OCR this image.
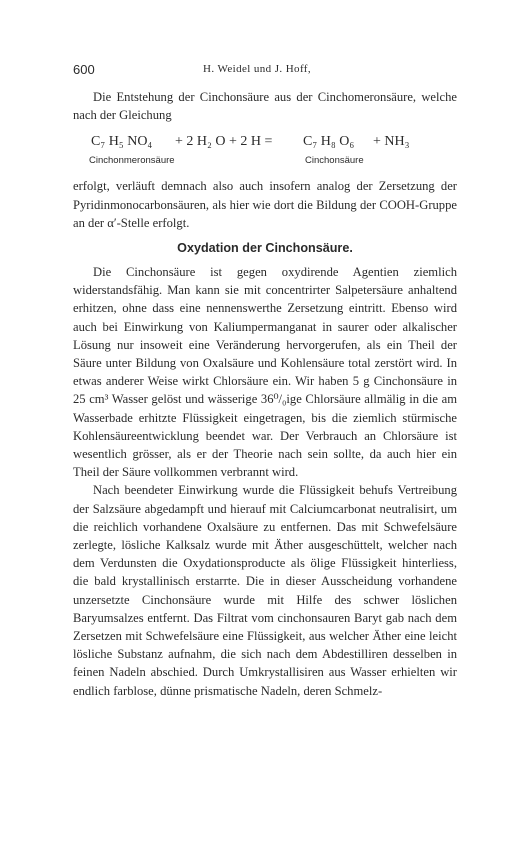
600	H. Weidel und J. Hoff,

Die Entstehung der Cinchonsäure aus der Cinchomeronsäure, welche nach der Gleichung

C₇ H₅ NO₄ + 2 H₂ O + 2 H = C₇ H₈ O₆ + NH₃
Cinchonmeronsäure	Cinchonsäure

erfolgt, verläuft demnach also auch insofern analog der Zersetzung der Pyridinmonocarbonsäuren, als hier wie dort die Bildung der COOH-Gruppe an der α′-Stelle erfolgt.

Oxydation der Cinchonsäure.

Die Cinchonsäure ist gegen oxydirende Agentien ziemlich widerstandsfähig. Man kann sie mit concentrirter Salpetersäure anhaltend erhitzen, ohne dass eine nennenswerthe Zersetzung eintritt. Ebenso wird auch bei Einwirkung von Kaliumpermanganat in saurer oder alkalischer Lösung nur insoweit eine Veränderung hervorgerufen, als ein Theil der Säure unter Bildung von Oxalsäure und Kohlensäure total zerstört wird. In etwas anderer Weise wirkt Chlorsäure ein. Wir haben 5 g Cinchonsäure in 25 cm³ Wasser gelöst und wässerige 36⁰/₀ige Chlorsäure allmälig in die am Wasserbade erhitzte Flüssigkeit eingetragen, bis die ziemlich stürmische Kohlensäureentwicklung beendet war. Der Verbrauch an Chlorsäure ist wesentlich grösser, als er der Theorie nach sein sollte, da auch hier ein Theil der Säure vollkommen verbrannt wird.

Nach beendeter Einwirkung wurde die Flüssigkeit behufs Vertreibung der Salzsäure abgedampft und hierauf mit Calciumcarbonat neutralisirt, um die reichlich vorhandene Oxalsäure zu entfernen. Das mit Schwefelsäure zerlegte, lösliche Kalksalz wurde mit Äther ausgeschüttelt, welcher nach dem Verdunsten die Oxydationsproducte als ölige Flüssigkeit hinterliess, die bald krystallinisch erstarrte. Die in dieser Ausscheidung vorhandene unzersetzte Cinchonsäure wurde mit Hilfe des schwer löslichen Baryumsalzes entfernt. Das Filtrat vom cinchonsauren Baryt gab nach dem Zersetzen mit Schwefelsäure eine Flüssigkeit, aus welcher Äther eine leicht lösliche Substanz aufnahm, die sich nach dem Abdestilliren desselben in feinen Nadeln abschied. Durch Umkrystallisiren aus Wasser erhielten wir endlich farblose, dünne prismatische Nadeln, deren Schmelz-
